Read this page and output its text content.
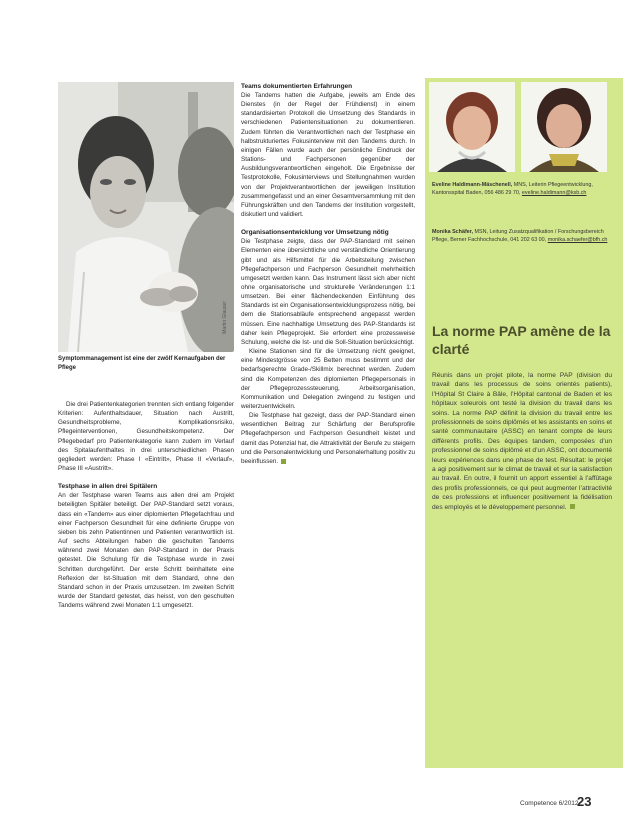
Martin Glauser
Symptommanagement ist eine der zwölf Kernaufgaben der Pflege

Die drei Patientenkategorien trennten sich entlang folgender Kriterien: Aufenthaltsdauer, Situation nach Austritt, Gesundheitsprobleme, Komplikationsrisiko, Pflegeinterventionen, Gesundheitskompetenz. Der Pflegebedarf pro Patientenkategorie kann zudem im Verlauf des Spitalaufenthaltes in drei unterschiedlichen Phasen gegliedert werden: Phase I «Eintritt», Phase II «Verlauf», Phase III «Austritt».

Testphase in allen drei Spitälern

An der Testphase waren Teams aus allen drei am Projekt beteiligten Spitäler beteiligt. Der PAP-Standard setzt voraus, dass ein «Tandem» aus einer diplomierten Pflegefachfrau und einer Fachperson Gesundheit für eine definierte Gruppe von sieben bis zehn Patientinnen und Patienten verantwortlich ist. Auf sechs Abteilungen haben die geschulten Tandems während zwei Monaten den PAP-Standard in der Praxis getestet. Die Schulung für die Testphase wurde in zwei Schritten durchgeführt. Der erste Schritt beinhaltete eine Reflexion der Ist-Situation mit dem Standard, ohne den Standard schon in der Praxis umzusetzen. Im zweiten Schritt wurde der Standard getestet, das heisst, von den geschulten Tandems während zwei Monaten 1:1 umgesetzt.

Teams dokumentierten Erfahrungen

Die Tandems hatten die Aufgabe, jeweils am Ende des Dienstes (in der Regel der Frühdienst) in einem standardisierten Protokoll die Umsetzung des Standards in verschiedenen Patientensituationen zu dokumentieren. Zudem führten die Verantwortlichen nach der Testphase ein halbstrukturiertes Fokusinterview mit den Tandems durch. In einigen Fällen wurde auch der persönliche Eindruck der Stations- und Fachpersonen gegenüber der Ausbildungsverantwortlichen eingeholt. Die Ergebnisse der Testprotokolle, Fokusinterviews und Stellungnahmen wurden von der Projektverantwortlichen der jeweiligen Institution zusammengefasst und an einer Gesamtversammlung mit den Führungskräften und den Tandems der Institution vorgestellt, diskutiert und validiert.

Organisationsentwicklung vor Umsetzung nötig

Die Testphase zeigte, dass der PAP-Standard mit seinen Elementen eine übersichtliche und verständliche Orientierung gibt und als Hilfsmittel für die Arbeitsteilung zwischen Pflegefachperson und Fachperson Gesundheit mehrheitlich umgesetzt werden kann. Das Instrument lässt sich aber nicht ohne organisatorische und strukturelle Veränderungen 1:1 umsetzen. Bei einer flächendeckenden Einführung des Standards ist ein Organisationsentwicklungsprozess nötig, bei dem die Stationsabläufe entsprechend angepasst werden müssen. Eine nachhaltige Umsetzung des PAP-Standards ist daher kein Pflegeprojekt. Sie erfordert eine prozessweise Schulung, welche die Ist- und die Soll-Situation berücksichtigt.

Kleine Stationen sind für die Umsetzung nicht geeignet, eine Mindestgrösse von 25 Betten muss bestimmt und der bedarfsgerechte Grade-/Skillmix berechnet werden. Zudem sind die Kompetenzen des diplomierten Pflegepersonals in der Pflegeprozesssteuerung, Arbeitsorganisation, Kommunikation und Delegation zwingend zu festigen und weiterzuentwickeln.

Die Testphase hat gezeigt, dass der PAP-Standard einen wesentlichen Beitrag zur Schärfung der Berufsprofile Pflegefachperson und Fachperson Gesundheit leistet und damit das Potenzial hat, die Attraktivität der Berufe zu steigern und die Personalentwicklung und Personalerhaltung positiv zu beeinflussen.

Eveline Haldimann-Mäschenell, MNS, Leiterin Pflegeentwicklung, Kantonsspital Baden, 056 486 29 70, eveline.haldimann@ksb.ch
Monika Schäfer, MSN, Leitung Zusatzqualifikation / Forschungsbereich Pflege, Berner Fachhochschule, 041 202 63 00, monika.schaefer@bfh.ch
La norme PAP amène de la clarté
Réunis dans un projet pilote, la norme PAP (division du travail dans les processus de soins orientés patients), l’Hôpital St Claire à Bâle, l’Hôpital cantonal de Baden et les hôpitaux soleurois ont testé la division du travail dans les soins. La norme PAP définit la division du travail entre les professionnels de soins diplômés et les assistants en soins et santé communautaire (ASSC) en tenant compte de leurs différents profils. Des équipes tandem, composées d’un professionnel de soins diplômé et d’un ASSC, ont documenté leurs expériences dans une phase de test. Résultat: le projet a agi positivement sur le climat de travail et sur la satisfaction au travail. En outre, il fournit un apport essentiel à l’affûtage des profils professionnels, ce qui peut augmenter l’attractivité de ces professions et influencer positivement la fidélisation des employés et le développement personnel.
Competence 6/2012
23
